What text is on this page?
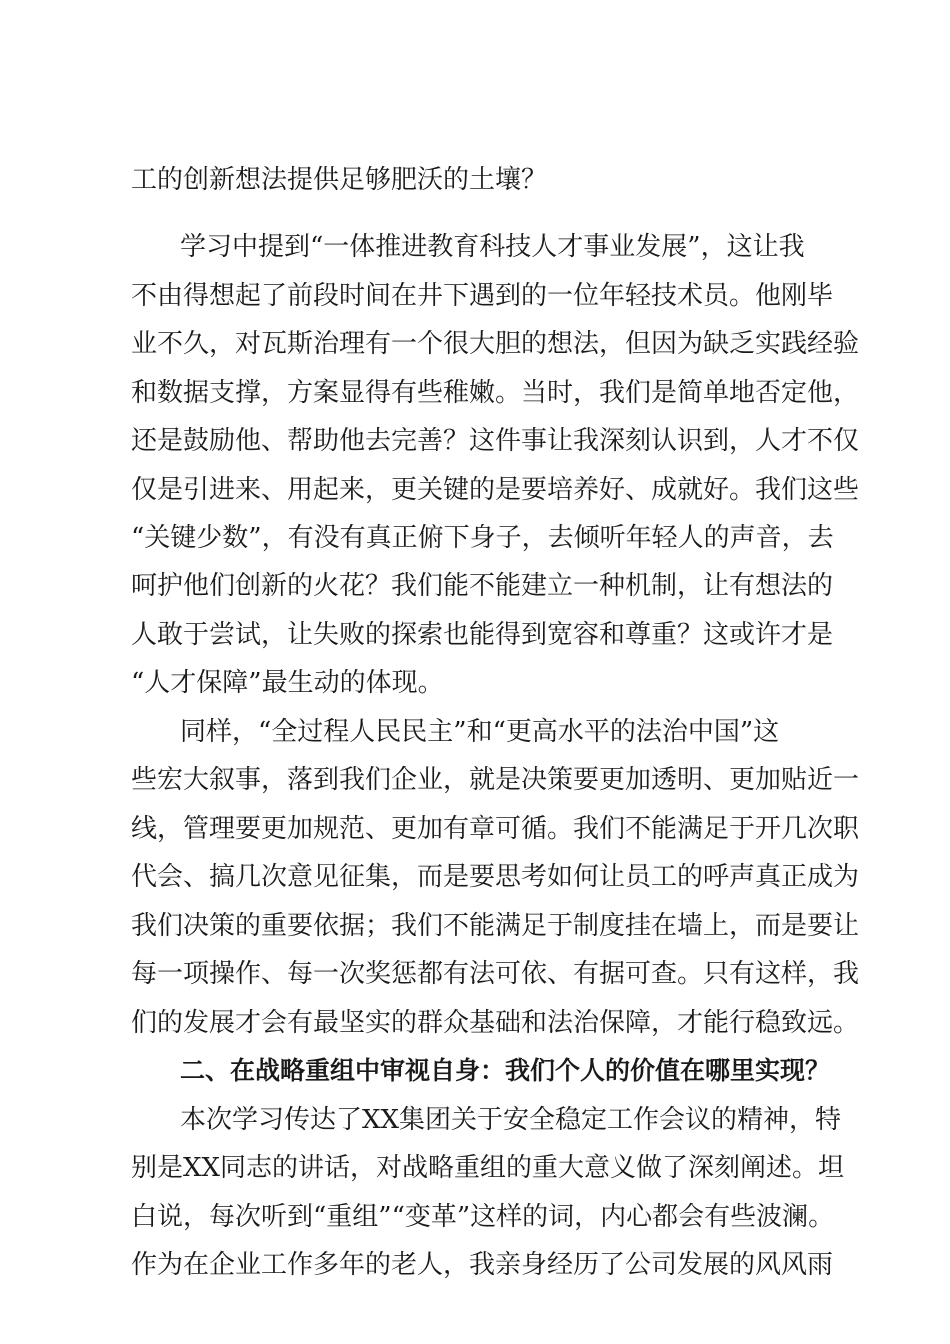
工的创新想法提供足够肥沃的土壤？
学习中提到“一体推进教育科技人才事业发展”，这让我
不由得想起了前段时间在井下遇到的一位年轻技术员。他刚毕
业不久，对瓦斯治理有一个很大胆的想法，但因为缺乏实践经验
和数据支撑，方案显得有些稚嫩。当时，我们是简单地否定他，
还是鼓励他、帮助他去完善？这件事让我深刻认识到，人才不仅
仅是引进来、用起来，更关键的是要培养好、成就好。我们这些
“关键少数”，有没有真正俯下身子，去倾听年轻人的声音，去
呵护他们创新的火花？我们能不能建立一种机制，让有想法的
人敢于尝试，让失败的探索也能得到宽容和尊重？这或许才是
“人才保障”最生动的体现。
同样，“全过程人民民主”和“更高水平的法治中国”这
些宏大叙事，落到我们企业，就是决策要更加透明、更加贴近一
线，管理要更加规范、更加有章可循。我们不能满足于开几次职
代会、搞几次意见征集，而是要思考如何让员工的呼声真正成为
我们决策的重要依据；我们不能满足于制度挂在墙上，而是要让
每一项操作、每一次奖惩都有法可依、有据可查。只有这样，我
们的发展才会有最坚实的群众基础和法治保障，才能行稳致远。
二、在战略重组中审视自身：我们个人的价值在哪里实现？
本次学习传达了XX集团关于安全稳定工作会议的精神，特
别是XX同志的讲话，对战略重组的重大意义做了深刻阐述。坦
白说，每次听到“重组”“变革”这样的词，内心都会有些波澜。
作为在企业工作多年的老人，我亲身经历了公司发展的风风雨
